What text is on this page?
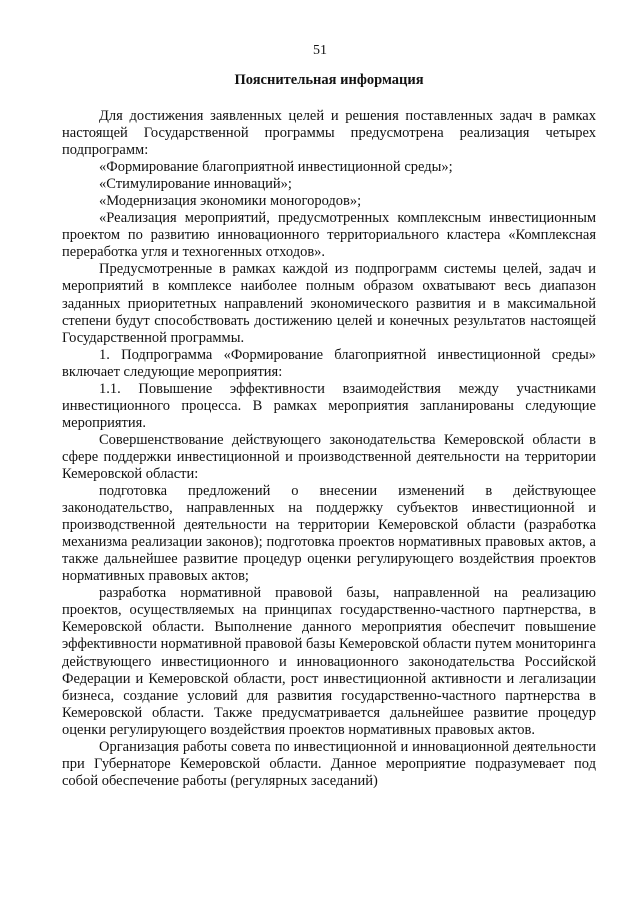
51
Пояснительная информация

Для достижения заявленных целей и решения поставленных задач в рамках настоящей Государственной программы предусмотрена реализация четырех подпрограмм:

«Формирование благоприятной инвестиционной среды»;

«Стимулирование инноваций»;

«Модернизация экономики моногородов»;

«Реализация мероприятий, предусмотренных комплексным инвестиционным проектом по развитию инновационного территориального кластера «Комплексная переработка угля и техногенных отходов».

Предусмотренные в рамках каждой из подпрограмм системы целей, задач и мероприятий в комплексе наиболее полным образом охватывают весь диапазон заданных приоритетных направлений экономического развития и в максимальной степени будут способствовать достижению целей и конечных результатов настоящей Государственной программы.

1. Подпрограмма «Формирование благоприятной инвестиционной среды» включает следующие мероприятия:

1.1. Повышение эффективности взаимодействия между участниками инвестиционного процесса. В рамках мероприятия запланированы следующие мероприятия.

Совершенствование действующего законодательства Кемеровской области в сфере поддержки инвестиционной и производственной деятельности на территории Кемеровской области:

подготовка предложений о внесении изменений в действующее законодательство, направленных на поддержку субъектов инвестиционной и производственной деятельности на территории Кемеровской области (разработка механизма реализации законов); подготовка проектов нормативных правовых актов, а также дальнейшее развитие процедур оценки регулирующего воздействия проектов нормативных правовых актов;

разработка нормативной правовой базы, направленной на реализацию проектов, осуществляемых на принципах государственно-частного партнерства, в Кемеровской области. Выполнение данного мероприятия обеспечит повышение эффективности нормативной правовой базы Кемеровской области путем мониторинга действующего инвестиционного и инновационного законодательства Российской Федерации и Кемеровской области, рост инвестиционной активности и легализации бизнеса, создание условий для развития государственно-частного партнерства в Кемеровской области. Также предусматривается дальнейшее развитие процедур оценки регулирующего воздействия проектов нормативных правовых актов.

Организация работы совета по инвестиционной и инновационной деятельности при Губернаторе Кемеровской области. Данное мероприятие подразумевает под собой обеспечение работы (регулярных заседаний)
